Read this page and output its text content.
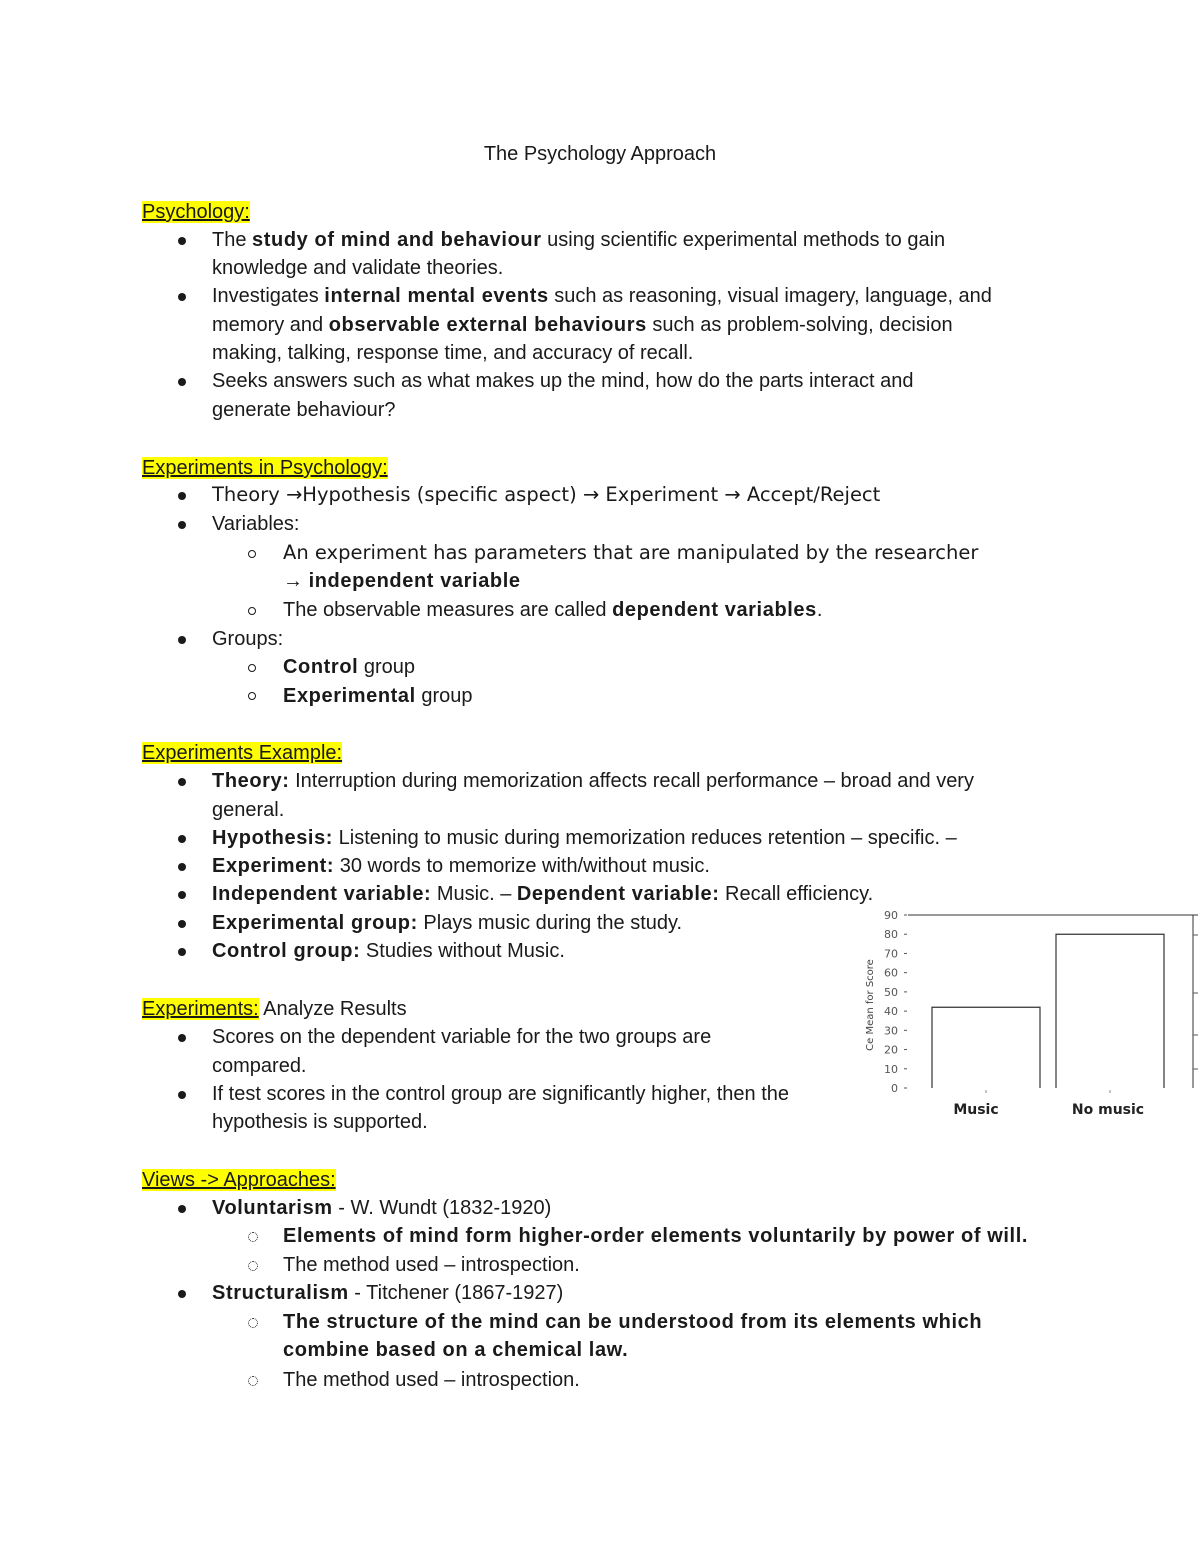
The Psychology Approach
Psychology:
The study of mind and behaviour using scientific experimental methods to gain
knowledge and validate theories.
Investigates internal mental events such as reasoning, visual imagery, language, and
memory and observable external behaviours such as problem-solving, decision
making, talking, response time, and accuracy of recall.
Seeks answers such as what makes up the mind, how do the parts interact and
generate behaviour?
Experiments in Psychology:
Theory →Hypothesis (specific aspect) → Experiment → Accept/Reject
Variables:
An experiment has parameters that are manipulated by the researcher
→ independent variable
The observable measures are called dependent variables.
Groups:
Control group
Experimental group
Experiments Example:
Theory: Interruption during memorization affects recall performance – broad and very
general.
Hypothesis: Listening to music during memorization reduces retention – specific. –
Experiment: 30 words to memorize with/without music.
Independent variable: Music. – Dependent variable: Recall efficiency.
Experimental group: Plays music during the study.
Control group: Studies without Music.
Experiments: Analyze Results
Scores on the dependent variable for the two groups are
compared.
If test scores in the control group are significantly higher, then the
hypothesis is supported.
Views -> Approaches:
Voluntarism - W. Wundt (1832-1920)
Elements of mind form higher-order elements voluntarily by power of will.
The method used – introspection.
Structuralism - Titchener (1867-1927)
The structure of the mind can be understood from its elements which
combine based on a chemical law.
The method used – introspection.
0
10
20
30
40
50
60
70
80
90
Ce Mean for Score
Music	No music
